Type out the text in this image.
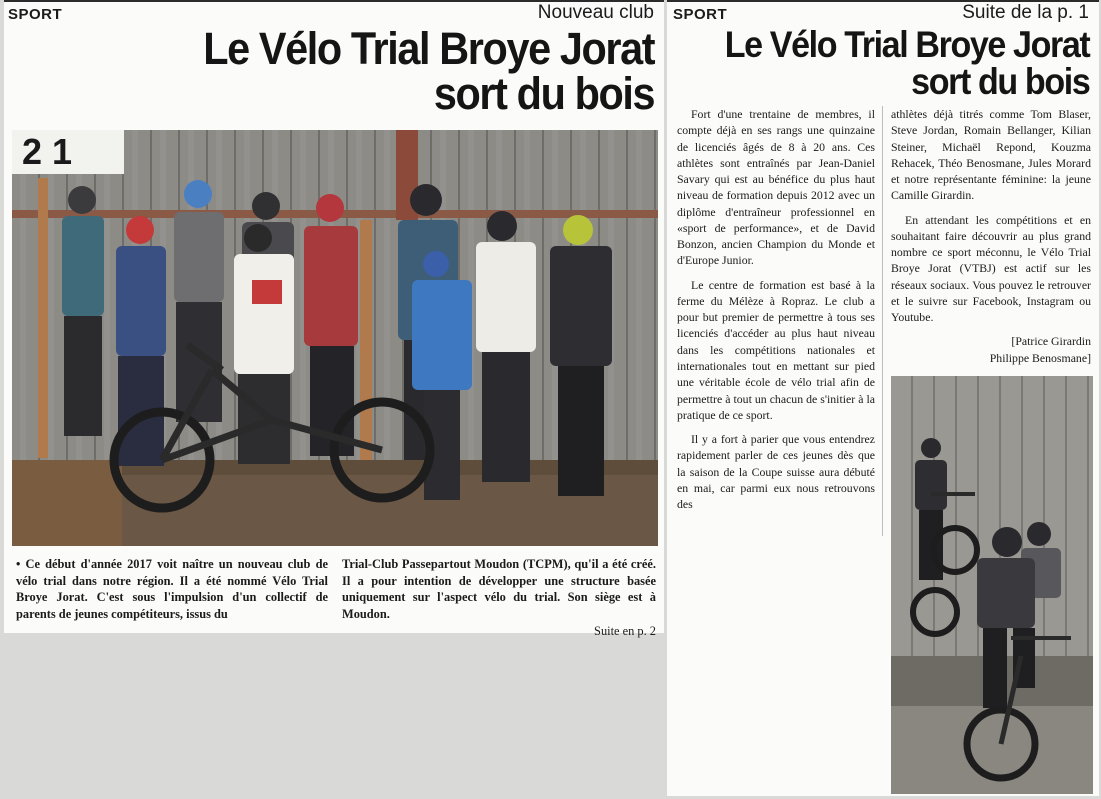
SPORT	Nouveau club
Le Vélo Trial Broye Jorat
sort du bois
2 1

• Ce début d'année 2017 voit naître un nouveau club de vélo trial dans notre région. Il a été nommé Vélo Trial Broye Jorat. C'est sous l'impulsion d'un collectif de parents de jeunes compétiteurs, issus du

Trial-Club Passepartout Moudon (TCPM), qu'il a été créé. Il a pour intention de développer une structure basée uniquement sur l'aspect vélo du trial. Son siège est à Moudon.

Suite en p. 2

SPORT	Suite de la p. 1
Le Vélo Trial Broye Jorat
sort du bois

Fort d'une trentaine de membres, il compte déjà en ses rangs une quinzaine de licenciés âgés de 8 à 20 ans. Ces athlètes sont entraînés par Jean-Daniel Savary qui est au bénéfice du plus haut niveau de formation depuis 2012 avec un diplôme d'entraîneur professionnel en «sport de performance», et de David Bonzon, ancien Champion du Monde et d'Europe Junior.

Le centre de formation est basé à la ferme du Mélèze à Ropraz. Le club a pour but premier de permettre à tous ses licenciés d'accéder au plus haut niveau dans les compétitions nationales et internationales tout en mettant sur pied une véritable école de vélo trial afin de permettre à tout un chacun de s'initier à la pratique de ce sport.

Il y a fort à parier que vous entendrez rapidement parler de ces jeunes dès que la saison de la Coupe suisse aura débuté en mai, car parmi eux nous retrouvons des

athlètes déjà titrés comme Tom Blaser, Steve Jordan, Romain Bellanger, Kilian Steiner, Michaël Repond, Kouzma Rehacek, Théo Benosmane, Jules Morard et notre représentante féminine: la jeune Camille Girardin.

En attendant les compétitions et en souhaitant faire découvrir au plus grand nombre ce sport méconnu, le Vélo Trial Broye Jorat (VTBJ) est actif sur les réseaux sociaux. Vous pouvez le retrouver et le suivre sur Facebook, Instagram ou Youtube.

[Patrice Girardin
Philippe Benosmane]
